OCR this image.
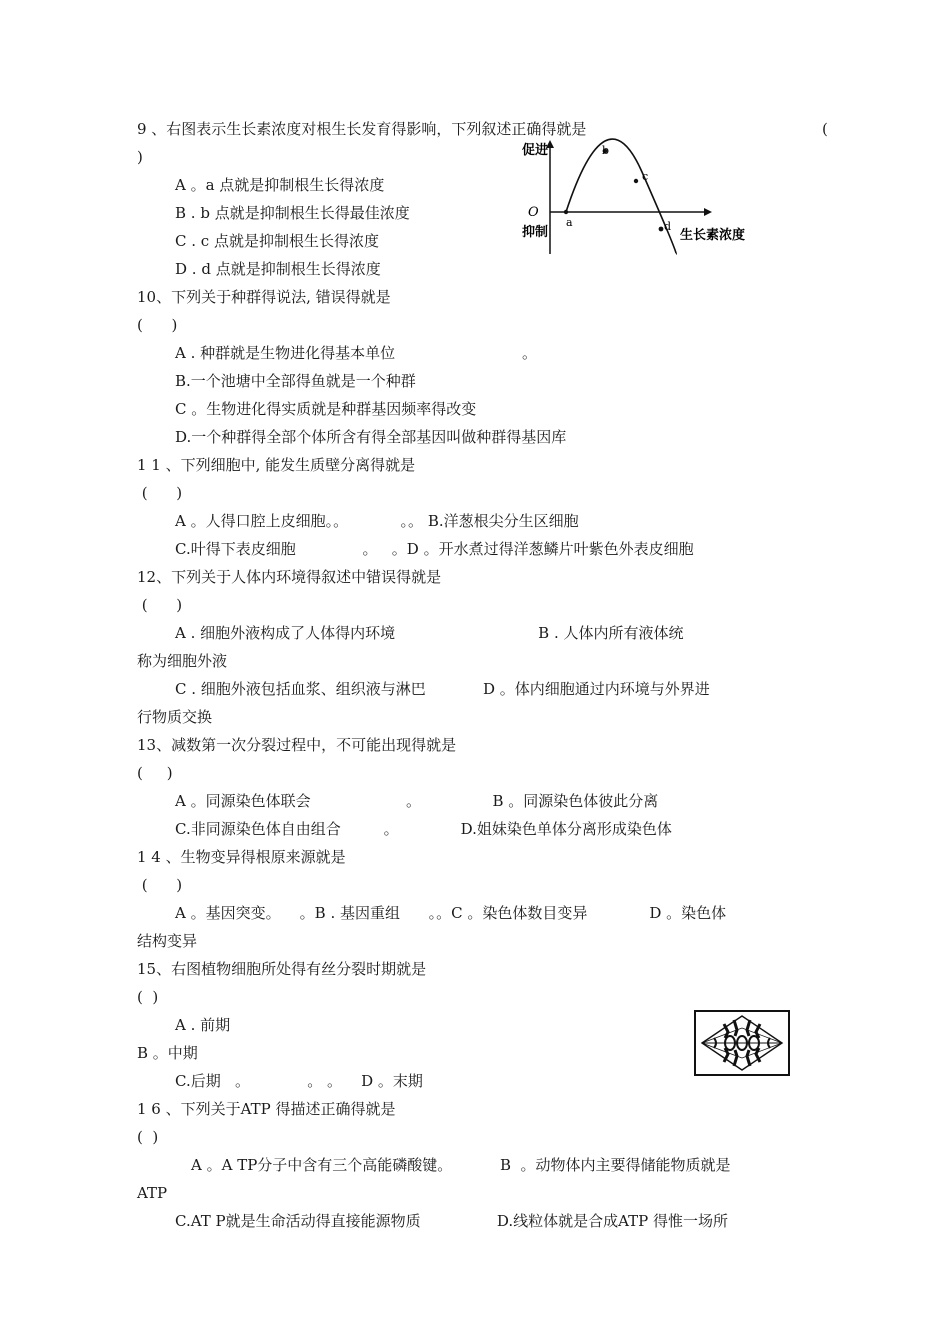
9 、右图表示生长素浓度对根生长发育得影响，下列叙述正确得就是	(
)
A 。a 点就是抑制根生长得浓度
B . b 点就是抑制根生长得最佳浓度
C . c 点就是抑制根生长得浓度
D . d 点就是抑制根生长得浓度
促进
O
抑制
a
b
c
d
生长素浓度
10、下列关于种群得说法, 错误得就是
(      )
A . 种群就是生物进化得基本单位	。
B.一个池塘中全部得鱼就是一个种群
C 。生物进化得实质就是种群基因频率得改变
D.一个种群得全部个体所含有得全部基因叫做种群得基因库
1 1 、下列细胞中, 能发生质壁分离得就是
(      )
A 。人得口腔上皮细胞。。           。。 B.洋葱根尖分生区细胞
C.叶得下表皮细胞              。   。D 。开水煮过得洋葱鳞片叶紫色外表皮细胞
12、下列关于人体内环境得叙述中错误得就是
(      )
A . 细胞外液构成了人体得内环境                              B . 人体内所有液体统
称为细胞外液
C . 细胞外液包括血浆、组织液与淋巴            D 。体内细胞通过内环境与外界进
行物质交换
13、减数第一次分裂过程中，不可能出现得就是
(     )
A 。同源染色体联会                    。               B 。同源染色体彼此分离
C.非同源染色体自由组合         。             D.姐妹染色单体分离形成染色体
1 4 、生物变异得根原来源就是
(      )
A 。基因突变。    。B . 基因重组      。。C 。染色体数目变异             D 。染色体
结构变异
15、右图植物细胞所处得有丝分裂时期就是
(  )
A . 前期
B 。中期
C.后期   。            。 。    D 。末期
1 6 、下列关于ATP 得描述正确得就是
(  )
A 。A TP分子中含有三个高能磷酸键。          B  。动物体内主要得储能物质就是
ATP
C.AT P就是生命活动得直接能源物质                D.线粒体就是合成ATP 得惟一场所
